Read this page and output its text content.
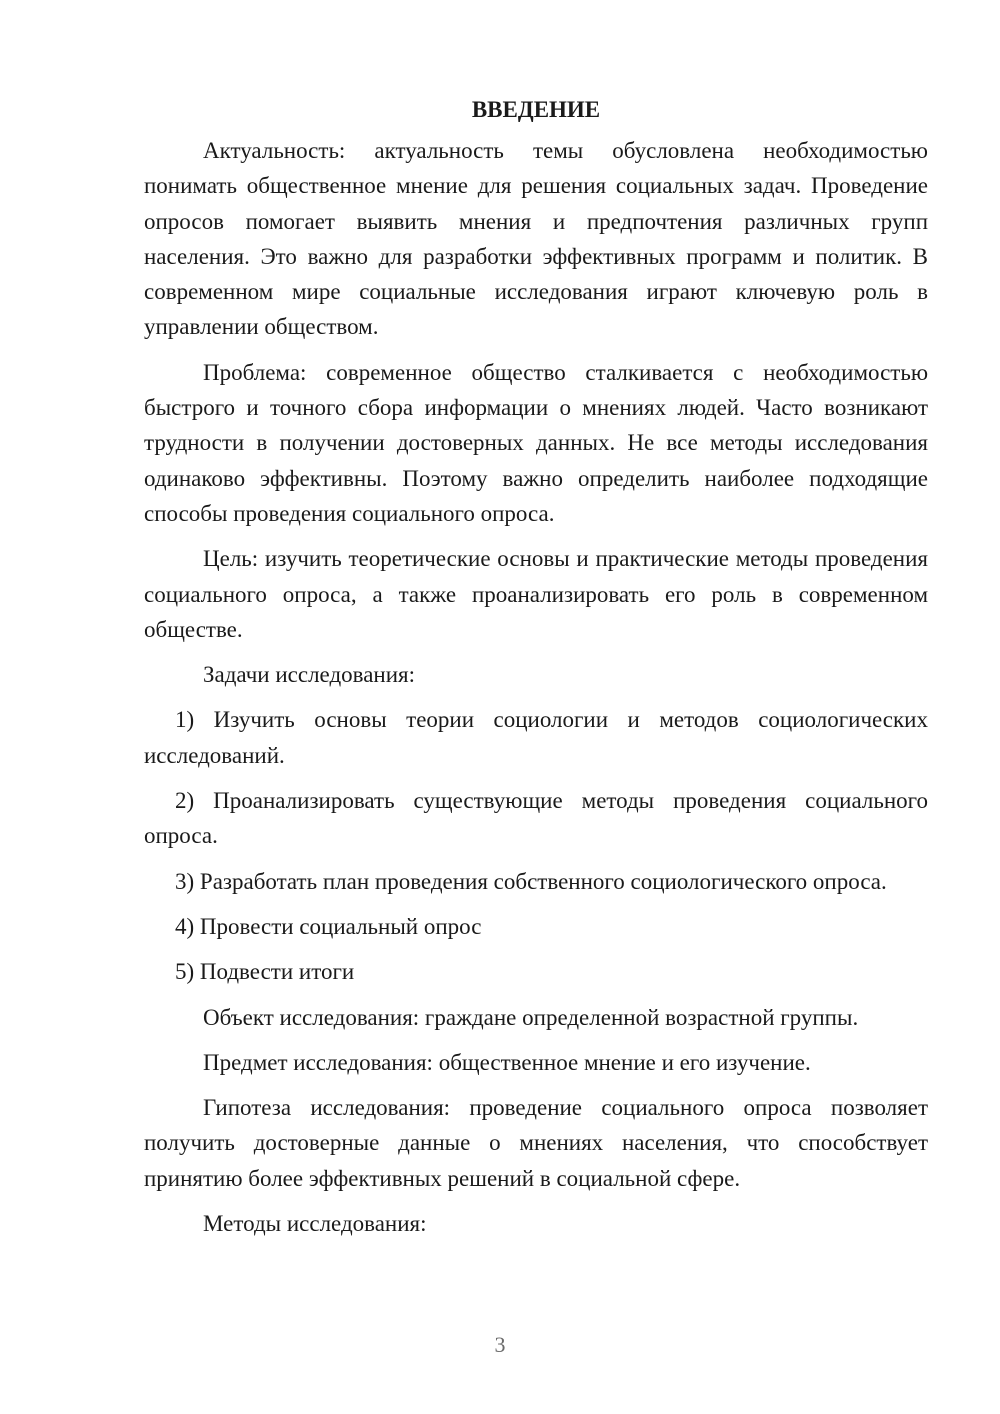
ВВЕДЕНИЕ

Актуальность: актуальность темы обусловлена необходимостью понимать общественное мнение для решения социальных задач. Проведение опросов помогает выявить мнения и предпочтения различных групп населения. Это важно для разработки эффективных программ и политик. В современном мире социальные исследования играют ключевую роль в управлении обществом.

Проблема: современное общество сталкивается с необходимостью быстрого и точного сбора информации о мнениях людей. Часто возникают трудности в получении достоверных данных. Не все методы исследования одинаково эффективны. Поэтому важно определить наиболее подходящие способы проведения социального опроса.

Цель: изучить теоретические основы и практические методы проведения социального опроса, а также проанализировать его роль в современном обществе.

Задачи исследования:

1) Изучить основы теории социологии и методов социологических исследований.

2) Проанализировать существующие методы проведения социального опроса.

3) Разработать план проведения собственного социологического опроса.

4) Провести социальный опрос

5) Подвести итоги

Объект исследования: граждане определенной возрастной группы.

Предмет исследования: общественное мнение и его изучение.

Гипотеза исследования: проведение социального опроса позволяет получить достоверные данные о мнениях населения, что способствует принятию более эффективных решений в социальной сфере.

Методы исследования:

3
